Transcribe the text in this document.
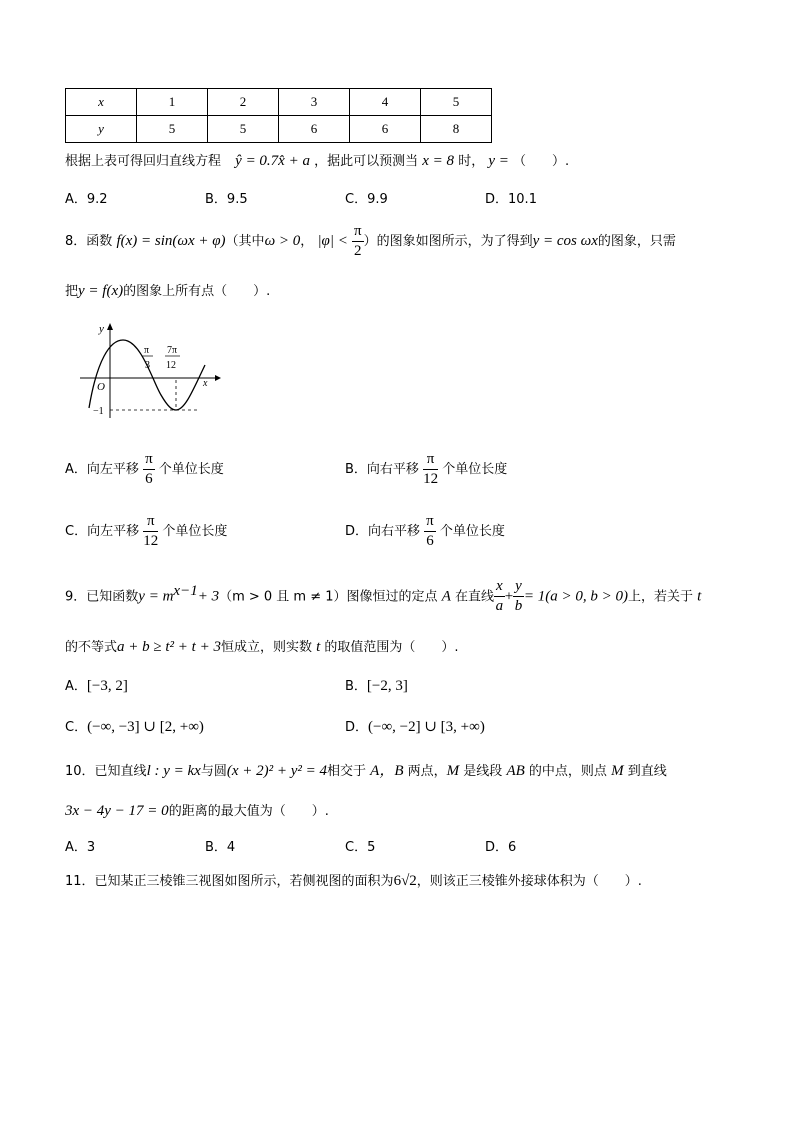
x	1	2	3	4	5
y	5	5	6	6	8
根据上表可得回归直线方程 ŷ = 0.7x̂ + a ，据此可以预测当 x = 8 时， y = （　　）.
A．9.2	B．9.5	C．9.9	D．10.1
8．函数 f(x) = sin(ωx + φ)（其中ω > 0， $|\varphi| < \frac{\pi}{2}$ ）的图象如图所示，为了得到y = cos ωx的图象，只需
把y = f(x)的图象上所有点（　　）.
y
x
O
−1
π
3
7π
12
A．向左平移 $\frac{\pi}{6}$ 个单位长度	B．向右平移 $\frac{\pi}{12}$ 个单位长度
C．向左平移 $\frac{\pi}{12}$ 个单位长度	D．向右平移 $\frac{\pi}{6}$ 个单位长度
9．已知函数$y = m^{x-1}+ 3(m > 0$ 且 m ≠ 1）图像恒过的定点 A 在直线 $\frac{x}{a} + \frac{y}{b} = 1(a > 0$, b > 0)上，若关于 t
的不等式a + b ≥ t² + t + 3恒成立，则实数 t 的取值范围为（　　）.
A．[−3, 2]	B．[−2, 3]
C．(−∞, −3] ∪ [2, +∞)	D．(−∞, −2] ∪ [3, +∞)
10．已知直线l : y = kx与圆(x + 2)² + y² = 4相交于 A，B 两点，M 是线段 AB 的中点，则点 M 到直线
3x − 4y − 17 = 0的距离的最大值为（　　）.
A．3	B．4	C．5	D．6
11．已知某正三棱锥三视图如图所示，若侧视图的面积为6√2，则该正三棱锥外接球体积为（　　）.
